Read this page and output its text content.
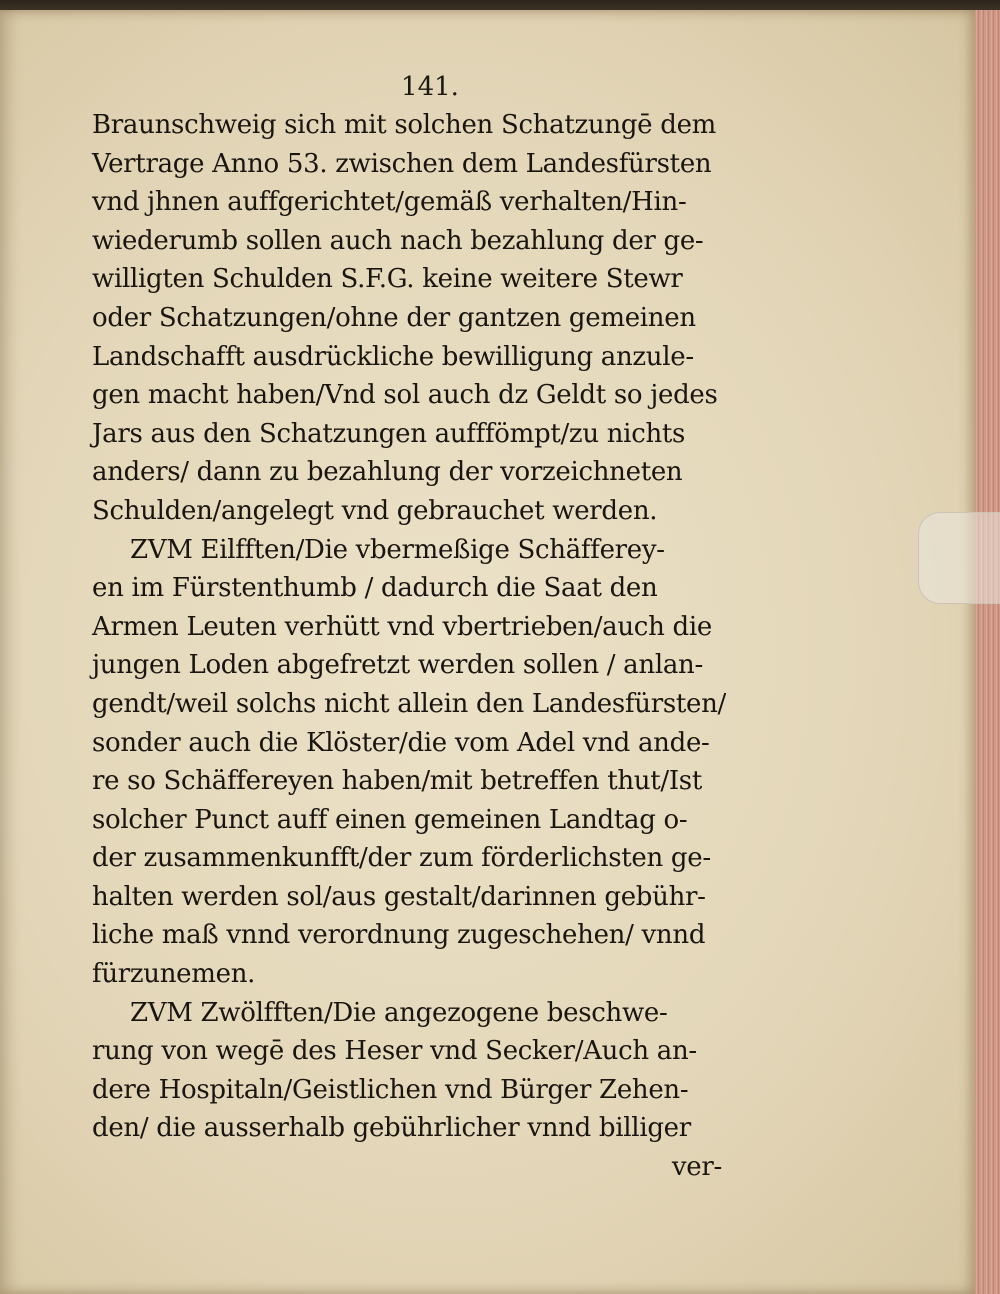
141.
Braunschweig sich mit solchen Schatzungē dem
Vertrage Anno 53. zwischen dem Landesfürsten
vnd jhnen auffgerichtet/gemäß verhalten/Hin-
wiederumb sollen auch nach bezahlung der ge-
willigten Schulden S.F.G. keine weitere Stewr
oder Schatzungen/ohne der gantzen gemeinen
Landschafft ausdrückliche bewilligung anzule-
gen macht haben/Vnd sol auch dz Geldt so jedes
Jars aus den Schatzungen aufffömpt/zu nichts
anders/ dann zu bezahlung der vorzeichneten
Schulden/angelegt vnd gebrauchet werden.
ZVM Eilfften/Die vbermeßige Schäfferey-
en im Fürstenthumb / dadurch die Saat den
Armen Leuten verhütt vnd vbertrieben/auch die
jungen Loden abgefretzt werden sollen / anlan-
gendt/weil solchs nicht allein den Landesfürsten/
sonder auch die Klöster/die vom Adel vnd ande-
re so Schäffereyen haben/mit betreffen thut/Ist
solcher Punct auff einen gemeinen Landtag o-
der zusammenkunfft/der zum förderlichsten ge-
halten werden sol/aus gestalt/darinnen gebühr-
liche maß vnnd verordnung zugeschehen/ vnnd
fürzunemen.
ZVM Zwölfften/Die angezogene beschwe-
rung von wegē des Heser vnd Secker/Auch an-
dere Hospitaln/Geistlichen vnd Bürger Zehen-
den/ die ausserhalb gebührlicher vnnd billiger
ver-
